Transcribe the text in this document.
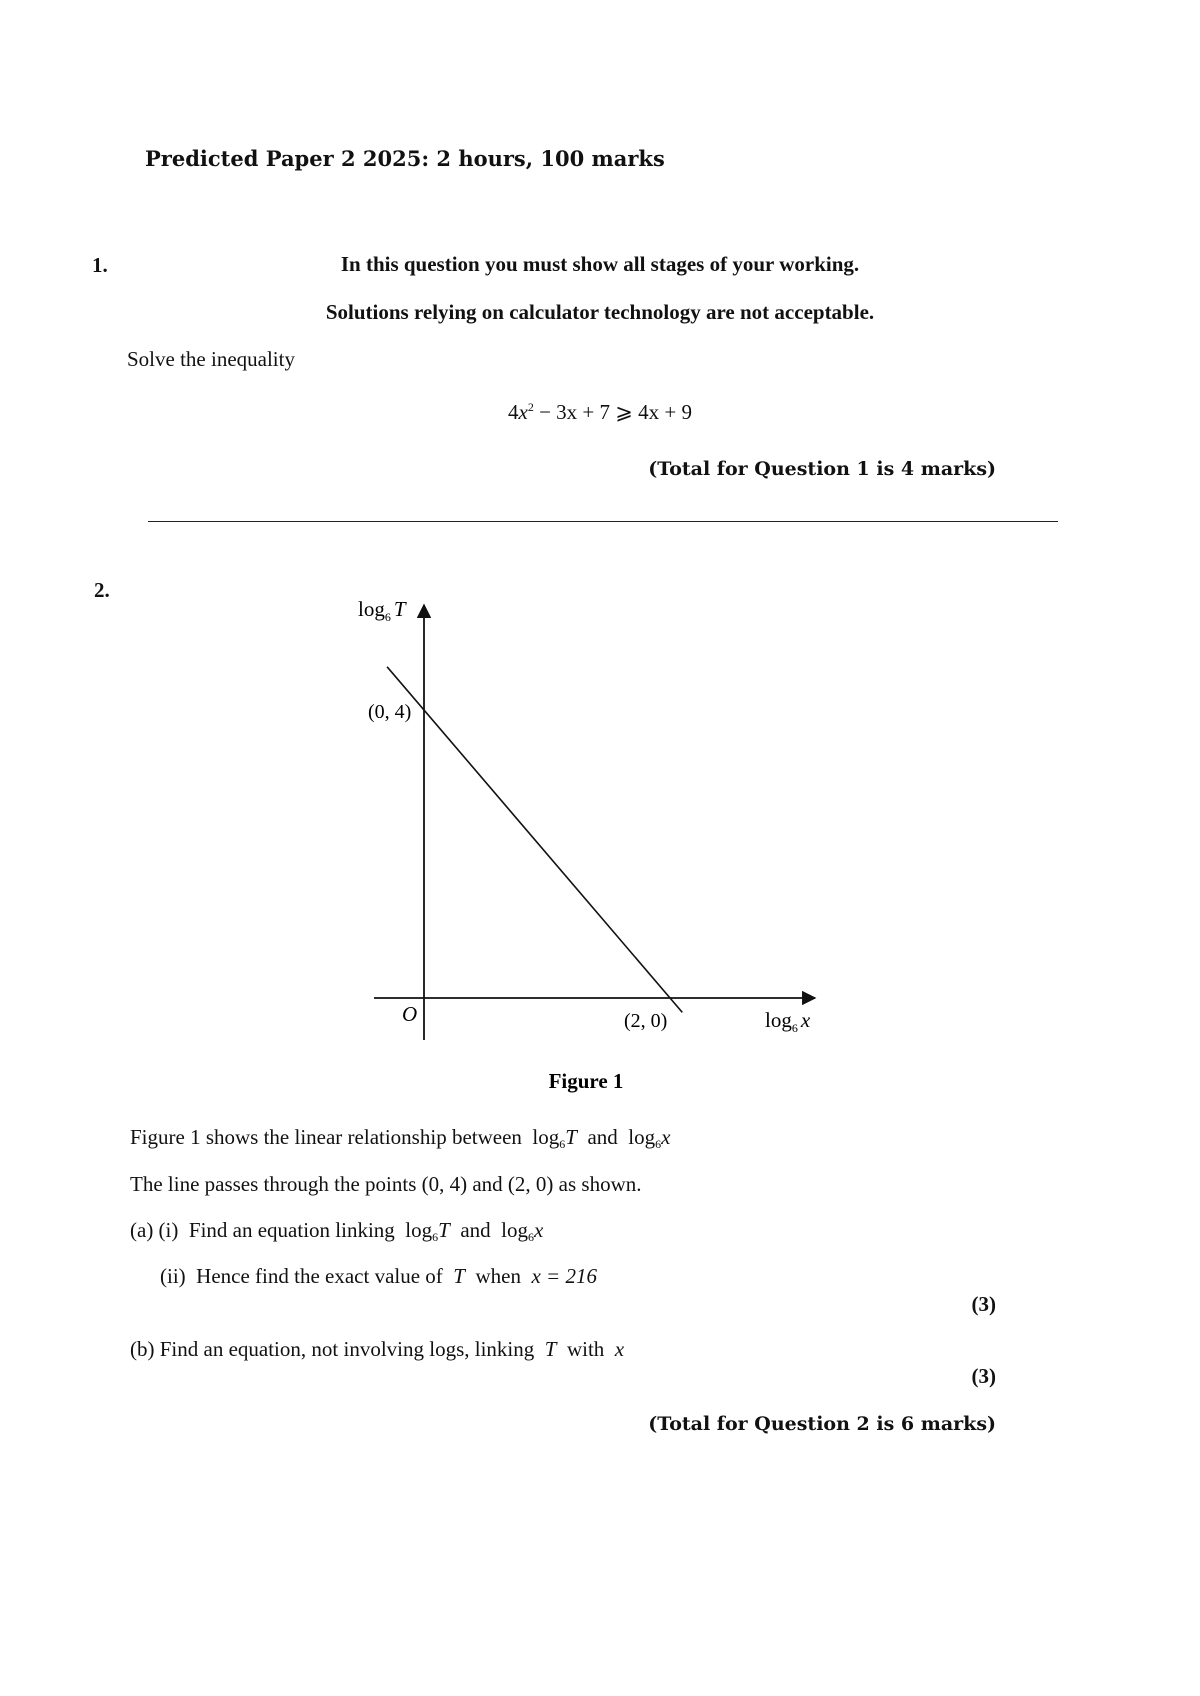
Predicted Paper 2 2025: 2 hours, 100 marks
1.	In this question you must show all stages of your working.
Solutions relying on calculator technology are not acceptable.
Solve the inequality
$4x^2 - 3x + 7$ ⩾ 4x + 9
(Total for Question 1 is 4 marks)
2.
$\log_6 T$
(0, 4)
O	(2, 0)	$\log_6 x$
Figure 1
Figure 1 shows the linear relationship between $\log_6T$ and $\log_6x$
The line passes through the points (0, 4) and (2, 0) as shown.
(a) (i) Find an equation linking $\log_6T$ and $\log_6x$
(ii) Hence find the exact value of T when x = 216
(3)
(b) Find an equation, not involving logs, linking T with x
(3)
(Total for Question 2 is 6 marks)
